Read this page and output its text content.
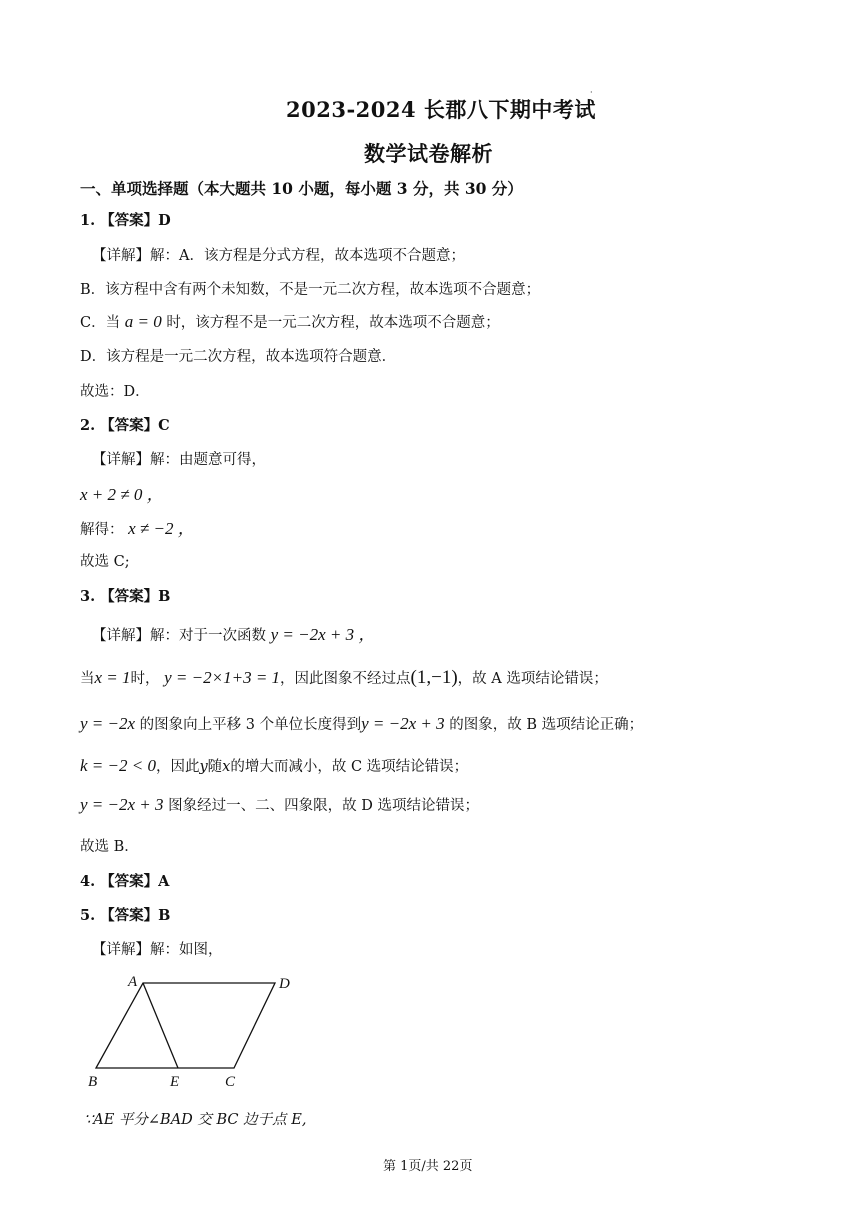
2023-2024 长郡八下期中考试
·
数学试卷解析
一、单项选择题（本大题共 10 小题，每小题 3 分，共 30 分）
1. 【答案】D
【详解】解：A．该方程是分式方程，故本选项不合题意；
B．该方程中含有两个未知数，不是一元二次方程，故本选项不合题意；
C．当 a = 0 时，该方程不是一元二次方程，故本选项不合题意；
D．该方程是一元二次方程，故本选项符合题意．
故选：D．
2. 【答案】C
【详解】解：由题意可得，
x + 2 ≠ 0 ，
解得： x ≠ −2 ，
故选 C;
3. 【答案】B
【详解】解：对于一次函数 y = −2x + 3 ，
当x = 1时， y = −2×1+3 = 1，因此图象不经过点(1,−1)，故 A 选项结论错误；
y = −2x 的图象向上平移 3 个单位长度得到y = −2x + 3 的图象，故 B 选项结论正确；
k = −2 < 0，因此y随x的增大而减小，故 C 选项结论错误；
y = −2x + 3 图象经过一、二、四象限，故 D 选项结论错误；
故选 B．
4. 【答案】A
5. 【答案】B
【详解】解：如图，
A	D
B	E	C
∵AE 平分∠BAD 交 BC 边于点 E,
第 1页/共 22页
